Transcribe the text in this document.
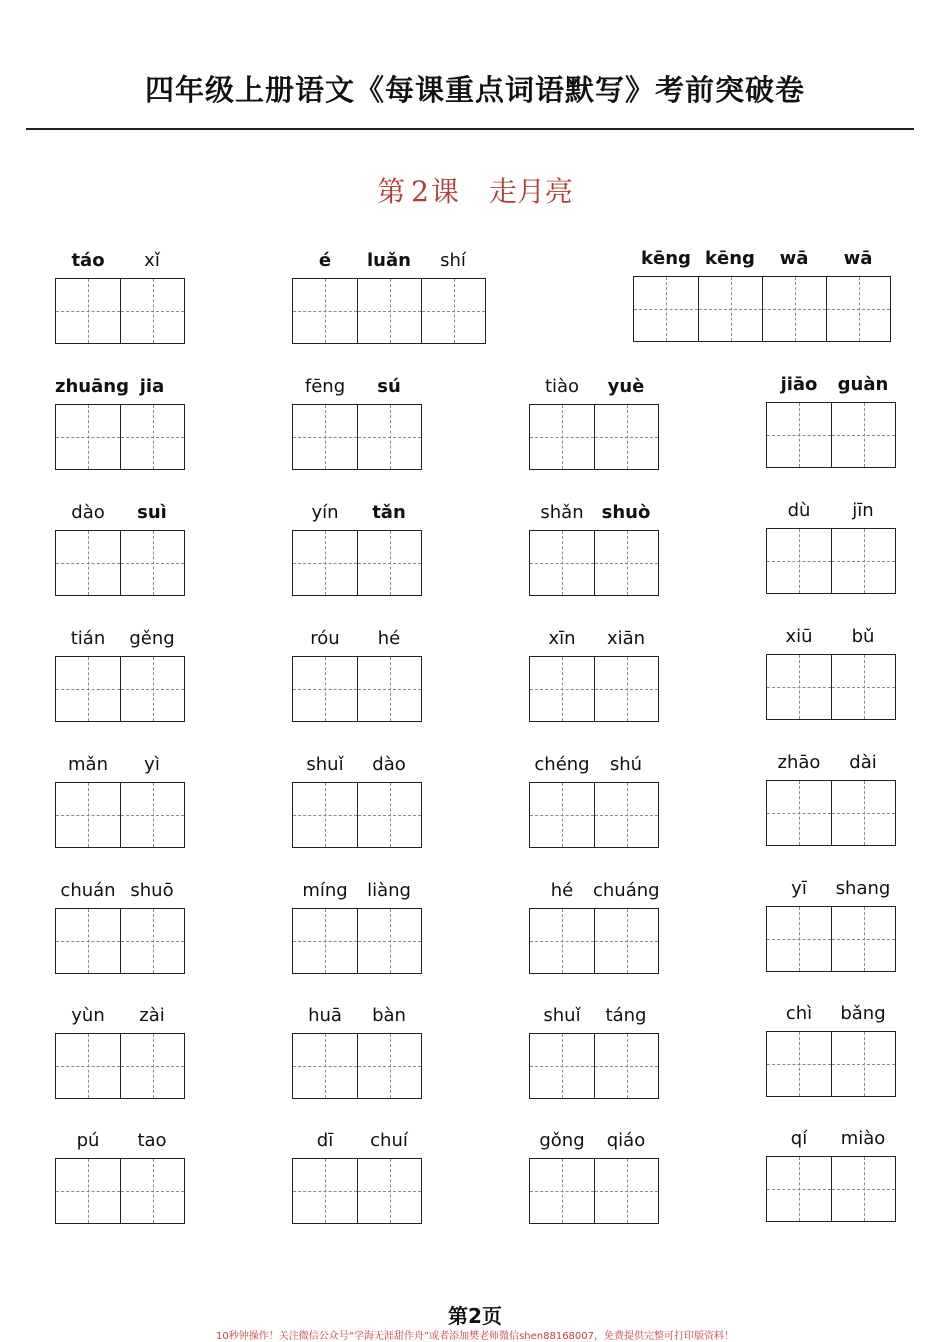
四年级上册语文《每课重点词语默写》考前突破卷
第 2课 走月亮
táo	xǐ	é	luǎn	shí	kēng kēng	wā	wā
zhuāng jia	fēng	sú	tiào	yuè	jiāo	guàn
dào	suì	yín	tǎn	shǎn	shuò	dù	jīn
tián	gěng	róu	hé	xīn	xiān	xiū	bǔ
mǎn	yì	shuǐ	dào	chéng	shú	zhāo	dài
chuán shuō	míng	liàng	hé	chuáng	yī	shang
yùn	zài	huā	bàn	shuǐ	táng	chì	bǎng
pú	tao	dī	chuí	gǒng	qiáo	qí	miào
第2页
10秒钟操作！关注微信公众号“学海无涯甜作舟”或者添加樊老师微信shen88168007，免费提供完整可打印版资料！
